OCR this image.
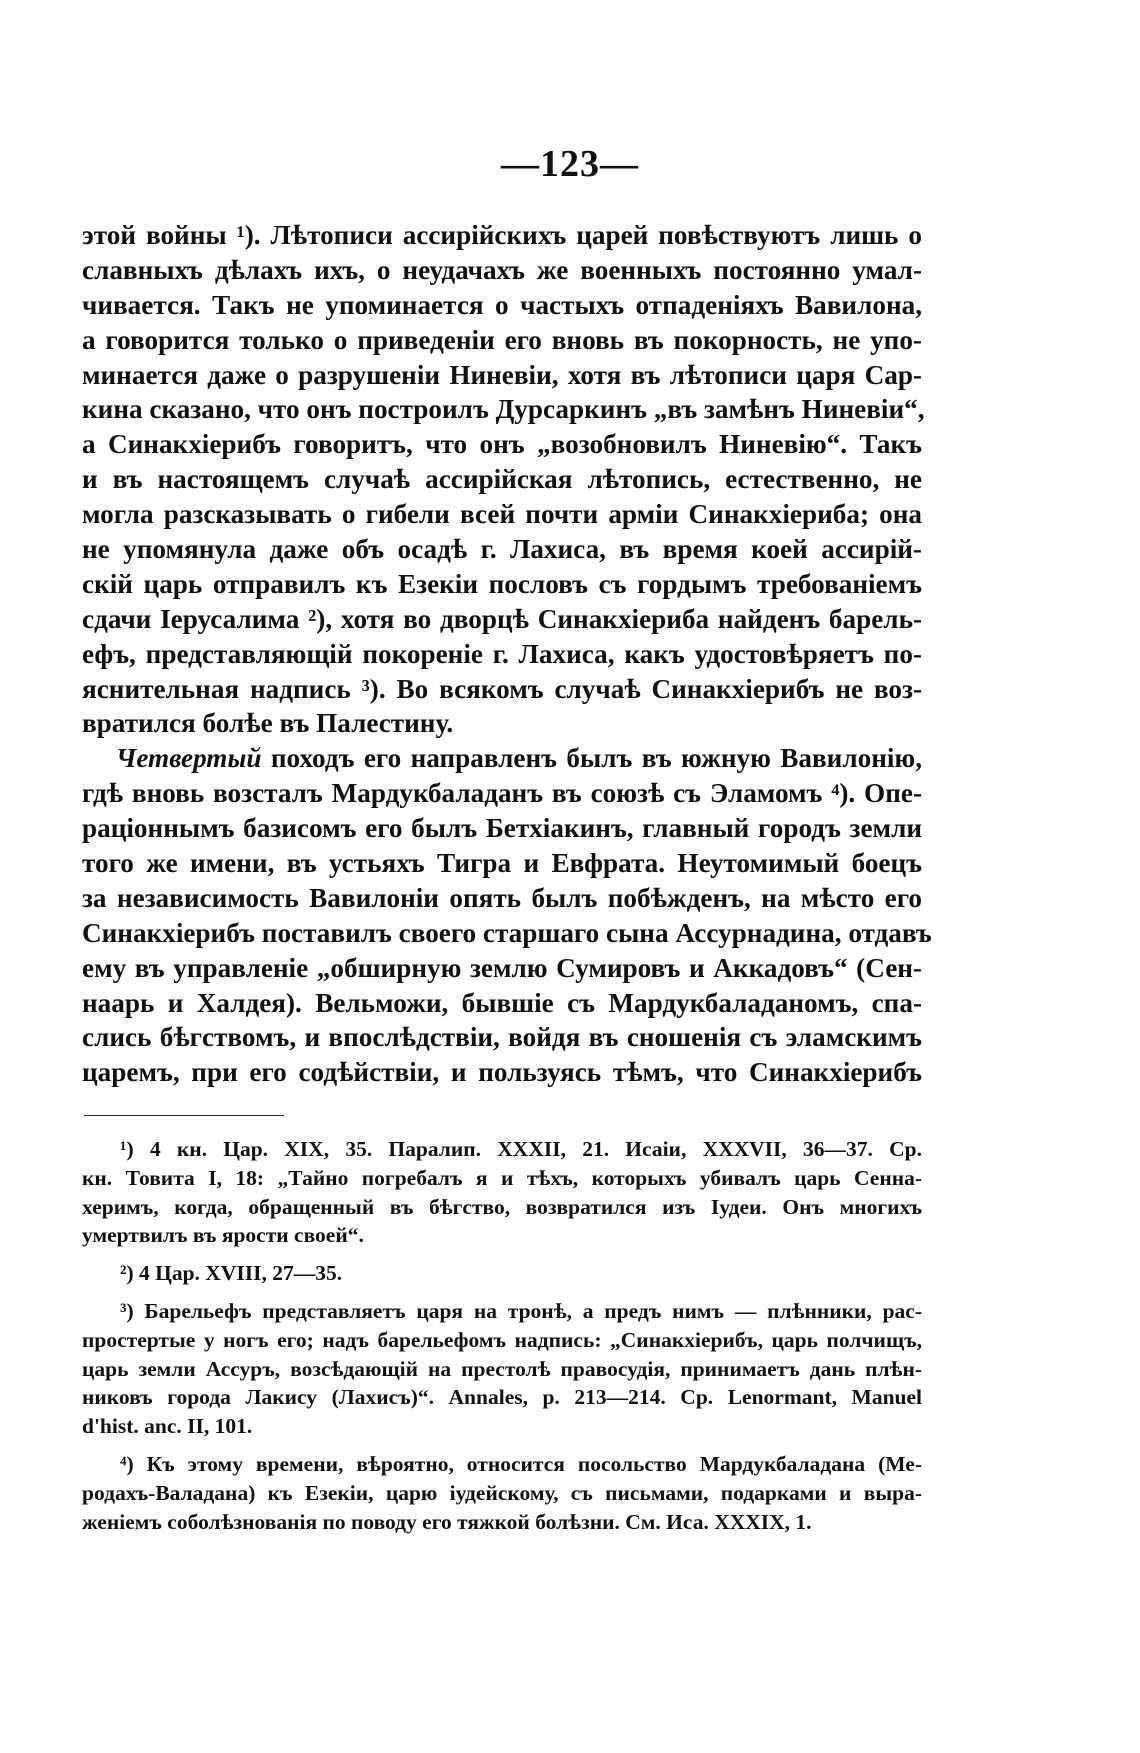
—123—
этой войны ¹). Лѣтописи ассирійскихъ царей повѣствуютъ лишь о
славныхъ дѣлахъ ихъ, о неудачахъ же военныхъ постоянно умал-
чивается. Такъ не упоминается о частыхъ отпаденіяхъ Вавилона,
а говорится только о приведеніи его вновь въ покорность, не упо-
минается даже о разрушеніи Ниневіи, хотя въ лѣтописи царя Сар-
кина сказано, что онъ построилъ Дурсаркинъ „въ замѣнъ Ниневіи“,
а Синакхіерибъ говоритъ, что онъ „возобновилъ Ниневію“. Такъ
и въ настоящемъ случаѣ ассирійская лѣтопись, естественно, не
могла разсказывать о гибели всей почти арміи Синакхіериба; она
не упомянула даже объ осадѣ г. Лахиса, въ время коей ассирій-
скій царь отправилъ къ Езекіи пословъ съ гордымъ требованіемъ
сдачи Іерусалима ²), хотя во дворцѣ Синакхіериба найденъ барель-
ефъ, представляющій покореніе г. Лахиса, какъ удостовѣряетъ по-
яснительная надпись ³). Во всякомъ случаѣ Синакхіерибъ не воз-
вратился болѣе въ Палестину.
Четвертый походъ его направленъ былъ въ южную Вавилонію,
гдѣ вновь возсталъ Мардукбаладанъ въ союзѣ съ Эламомъ ⁴). Опе-
раціоннымъ базисомъ его былъ Бетхіакинъ, главный городъ земли
того же имени, въ устьяхъ Тигра и Евфрата. Неутомимый боецъ
за независимость Вавилоніи опять былъ побѣжденъ, на мѣсто его
Синакхіерибъ поставилъ своего старшаго сына Ассурнадина, отдавъ
ему въ управленіе „обширную землю Сумировъ и Аккадовъ“ (Сен-
наарь и Халдея). Вельможи, бывшіе съ Мардукбаладаномъ, спа-
слись бѣгствомъ, и впослѣдствіи, войдя въ сношенія съ эламскимъ
царемъ, при его содѣйствіи, и пользуясь тѣмъ, что Синакхіерибъ
¹) 4 кн. Цар. XIX, 35. Паралип. XXXII, 21. Исаіи, XXXVII, 36—37. Ср.
кн. Товита I, 18: „Тайно погребалъ я и тѣхъ, которыхъ убивалъ царь Сенна-
херимъ, когда, обращенный въ бѣгство, возвратился изъ Іудеи. Онъ многихъ
умертвилъ въ ярости своей“.
²) 4 Цар. XVIII, 27—35.
³) Барельефъ представляетъ царя на тронѣ, а предъ нимъ — плѣнники, рас-
простертые у ногъ его; надъ барельефомъ надпись: „Синакхіерибъ, царь полчищъ,
царь земли Ассуръ, возсѣдающій на престолѣ правосудія, принимаетъ дань плѣн-
никовъ города Лакису (Лахисъ)“. Annales, p. 213—214. Ср. Lenormant, Manuel
d'hist. anc. II, 101.
⁴) Къ этому времени, вѣроятно, относится посольство Мардукбаладана (Ме-
родахъ-Валадана) къ Езекіи, царю іудейскому, съ письмами, подарками и выра-
женіемъ соболѣзнованія по поводу его тяжкой болѣзни. См. Иса. XXXIX, 1.
